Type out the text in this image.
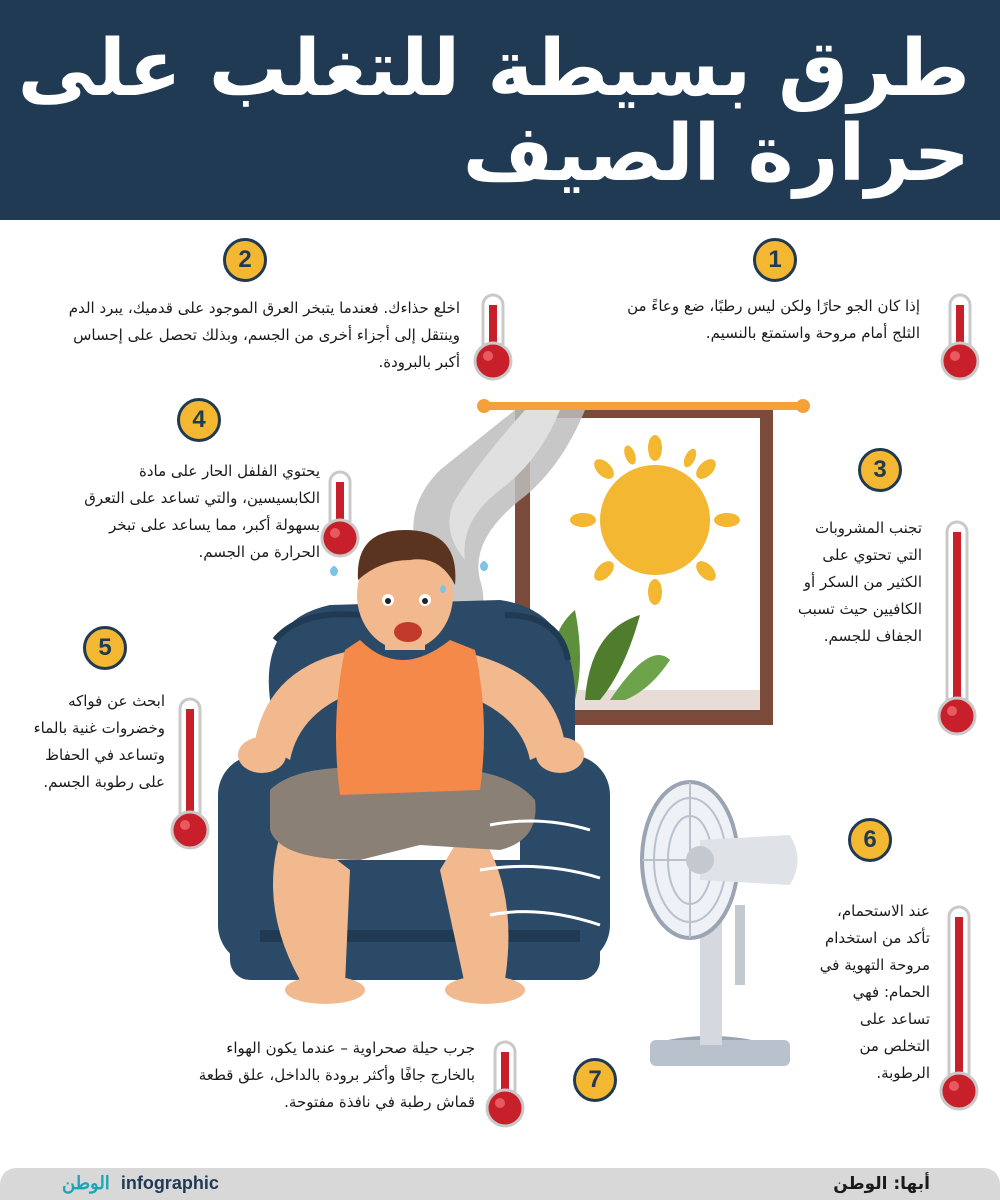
طرق بسيطة للتغلب على
حرارة الصيف
2	1
3
4
5
6
7
إذا كان الجو حارًا ولكن ليس رطبًا، ضع وعاءً من الثلج أمام مروحة واستمتع بالنسيم.
اخلع حذاءك. فعندما يتبخر العرق الموجود على قدميك، يبرد الدم وينتقل إلى أجزاء أخرى من الجسم، وبذلك تحصل على إحساس أكبر بالبرودة.
تجنب المشروبات التي تحتوي على الكثير من السكر أو الكافيين حيث تسبب الجفاف للجسم.
يحتوي الفلفل الحار على مادة الكابسيسين، والتي تساعد على التعرق بسهولة أكبر، مما يساعد على تبخر الحرارة من الجسم.
ابحث عن فواكه وخضروات غنية بالماء وتساعد في الحفاظ على رطوبة الجسم.
عند الاستحمام، تأكد من استخدام مروحة التهوية في الحمام: فهي تساعد على التخلص من الرطوبة.
جرب حيلة صحراوية – عندما يكون الهواء بالخارج جافًا وأكثر برودة بالداخل، علق قطعة قماش رطبة في نافذة مفتوحة.
الوطن infographic	أبها: الوطن
